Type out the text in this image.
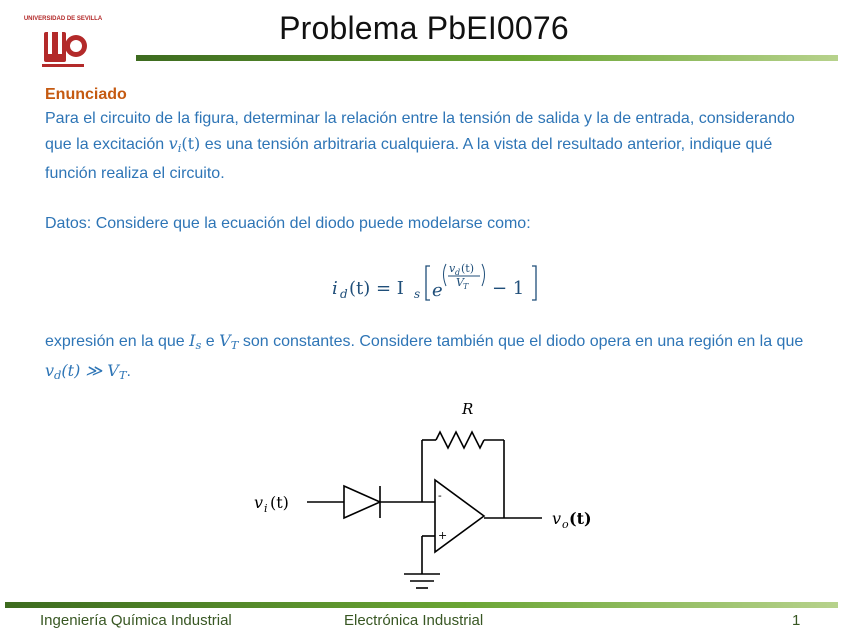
UNIVERSIDAD DE SEVILLA	Problema PbEI0076
Enunciado

Para el circuito de la figura, determinar la relación entre la tensión de salida y la de entrada, considerando que la excitación $v_i(t)$ es una tensión arbitraria cualquiera. A la vista del resultado anterior, indique qué función realiza el circuito.

Datos: Considere que la ecuación del diodo puede modelarse como:

i d (t) = I s e
v d (t)
V T − 1
expresión en la que $I_s$ e $V_T$ son constantes. Considere también que el diodo opera en una región en la que $v_d(t)$ ≫ $V_T$.
R
v i (t)
v o (t)
-
+
Ingeniería Química Industrial	Electrónica Industrial	1
